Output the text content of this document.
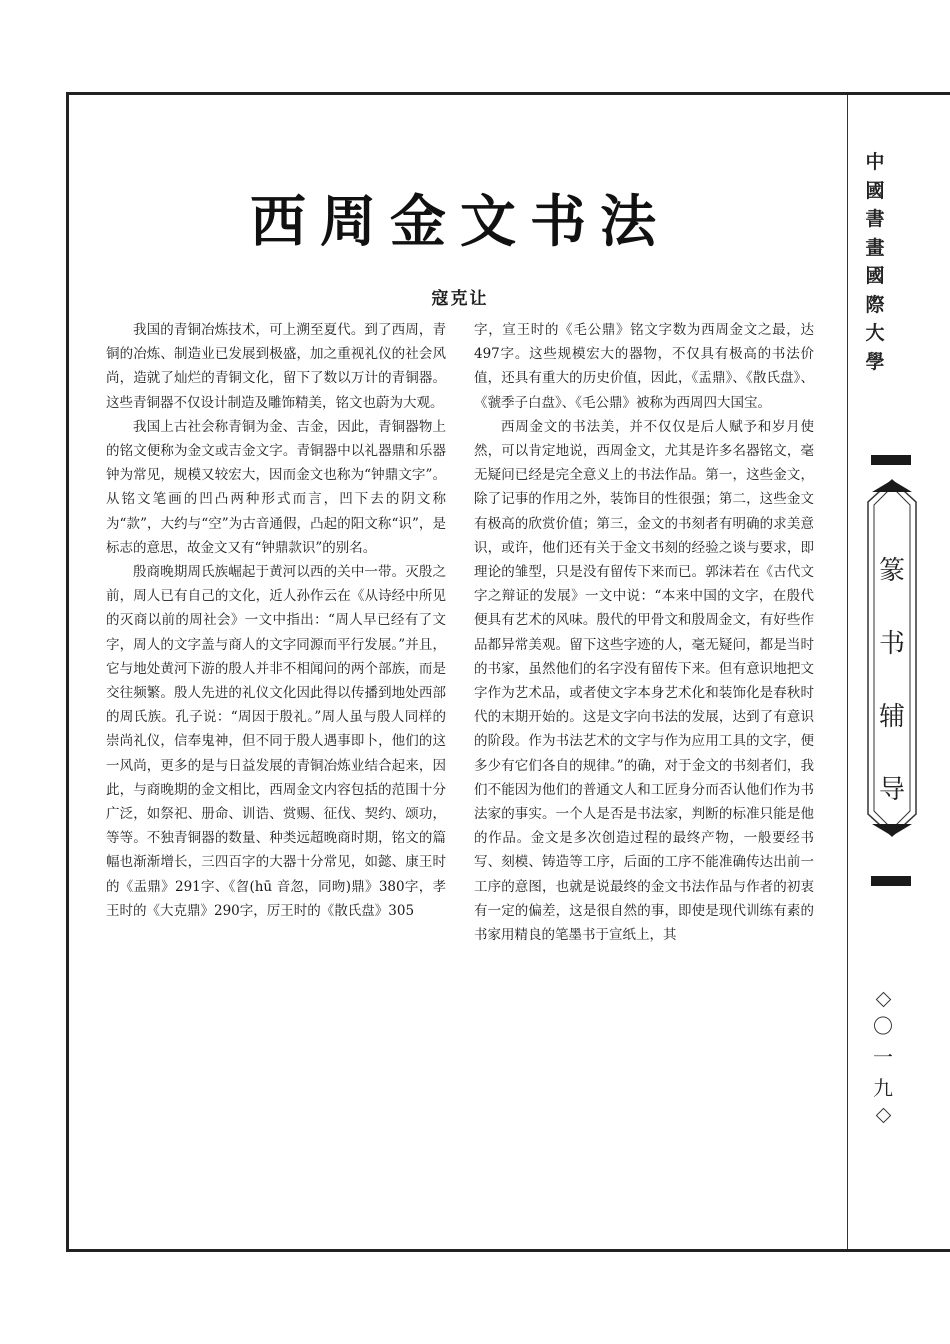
西周金文书法
寇克让

我国的青铜冶炼技术，可上溯至夏代。到了西周，青铜的冶炼、制造业已发展到极盛，加之重视礼仪的社会风尚，造就了灿烂的青铜文化，留下了数以万计的青铜器。这些青铜器不仅设计制造及雕饰精美，铭文也蔚为大观。

我国上古社会称青铜为金、吉金，因此，青铜器物上的铭文便称为金文或吉金文字。青铜器中以礼器鼎和乐器钟为常见，规模又较宏大，因而金文也称为“钟鼎文字”。从铭文笔画的凹凸两种形式而言，凹下去的阴文称为“款”，大约与“空”为古音通假，凸起的阳文称“识”，是标志的意思，故金文又有“钟鼎款识”的别名。

殷商晚期周氏族崛起于黄河以西的关中一带。灭殷之前，周人已有自己的文化，近人孙作云在《从诗经中所见的灭商以前的周社会》一文中指出：“周人早已经有了文字，周人的文字盖与商人的文字同源而平行发展。”并且，它与地处黄河下游的殷人并非不相闻问的两个部族，而是交往频繁。殷人先进的礼仪文化因此得以传播到地处西部的周氏族。孔子说：“周因于殷礼。”周人虽与殷人同样的崇尚礼仪，信奉鬼神，但不同于殷人遇事即卜，他们的这一风尚，更多的是与日益发展的青铜冶炼业结合起来，因此，与商晚期的金文相比，西周金文内容包括的范围十分广泛，如祭祀、册命、训诰、赏赐、征伐、契约、颂功，等等。不独青铜器的数量、种类远超晚商时期，铭文的篇幅也渐渐增长，三四百字的大器十分常见，如懿、康王时的《盂鼎》291字、《曶(hū 音忽，同昒)鼎》380字，孝王时的《大克鼎》290字，厉王时的《散氏盘》305

字，宣王时的《毛公鼎》铭文字数为西周金文之最，达497字。这些规模宏大的器物，不仅具有极高的书法价值，还具有重大的历史价值，因此，《盂鼎》、《散氏盘》、《虢季子白盘》、《毛公鼎》被称为西周四大国宝。

西周金文的书法美，并不仅仅是后人赋予和岁月使然，可以肯定地说，西周金文，尤其是许多名器铭文，毫无疑问已经是完全意义上的书法作品。第一，这些金文，除了记事的作用之外，装饰目的性很强；第二，这些金文有极高的欣赏价值；第三，金文的书刻者有明确的求美意识，或许，他们还有关于金文书刻的经验之谈与要求，即理论的雏型，只是没有留传下来而已。郭沫若在《古代文字之辩证的发展》一文中说：“本来中国的文字，在殷代便具有艺术的风味。殷代的甲骨文和殷周金文，有好些作品都异常美观。留下这些字迹的人，毫无疑问，都是当时的书家，虽然他们的名字没有留传下来。但有意识地把文字作为艺术品，或者使文字本身艺术化和装饰化是春秋时代的末期开始的。这是文字向书法的发展，达到了有意识的阶段。作为书法艺术的文字与作为应用工具的文字，便多少有它们各自的规律。”的确，对于金文的书刻者们，我们不能因为他们的普通文人和工匠身分而否认他们作为书法家的事实。一个人是否是书法家，判断的标准只能是他的作品。金文是多次创造过程的最终产物，一般要经书写、刻模、铸造等工序，后面的工序不能准确传达出前一工序的意图，也就是说最终的金文书法作品与作者的初衷有一定的偏差，这是很自然的事，即使是现代训练有素的书家用精良的笔墨书于宣纸上，其

中
國
書
畫
國
際
大
學
篆
书
辅
导
〇
一
九
